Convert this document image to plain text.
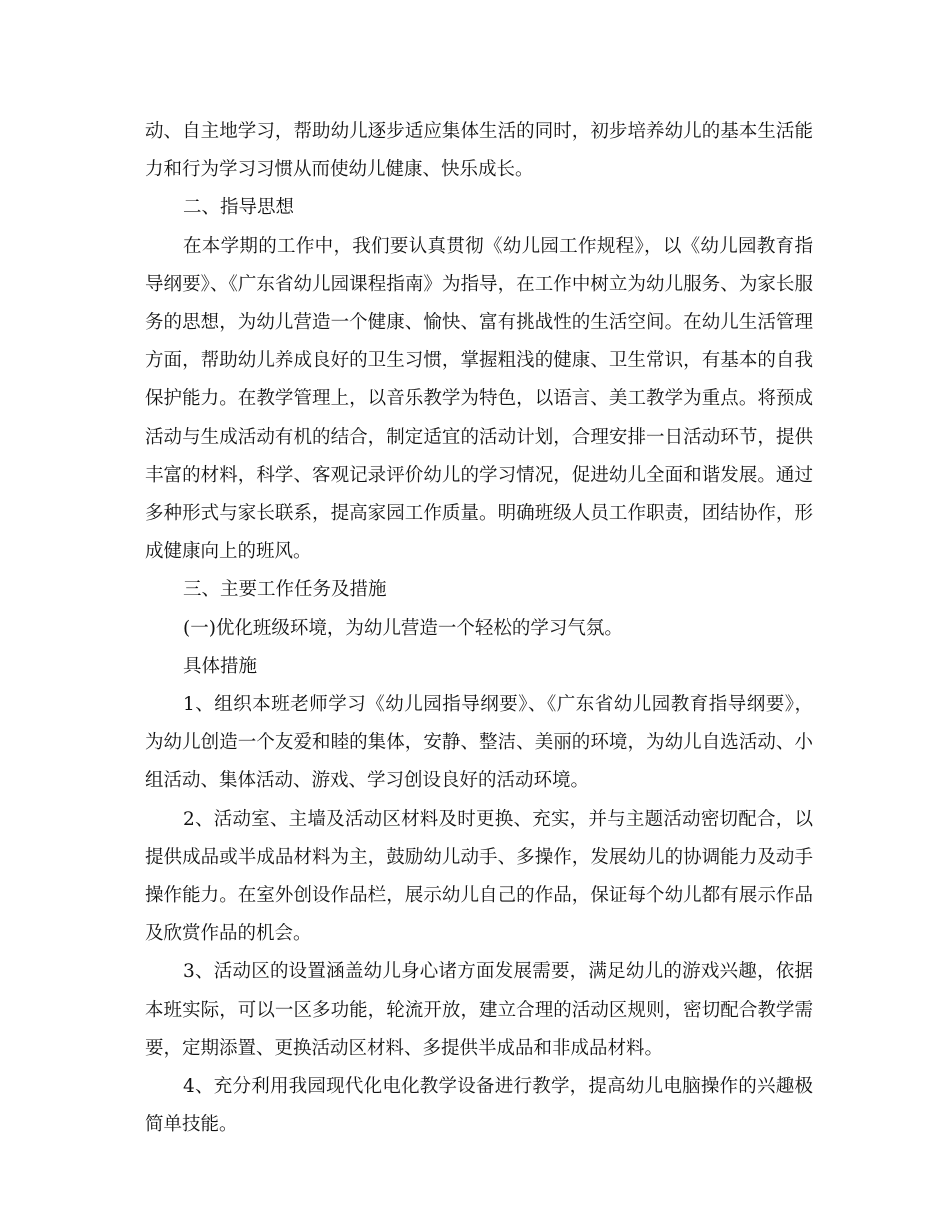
动、自主地学习，帮助幼儿逐步适应集体生活的同时，初步培养幼儿的基本生活能力和行为学习习惯从而使幼儿健康、快乐成长。

二、指导思想

在本学期的工作中，我们要认真贯彻《幼儿园工作规程》，以《幼儿园教育指导纲要》、《广东省幼儿园课程指南》为指导，在工作中树立为幼儿服务、为家长服务的思想，为幼儿营造一个健康、愉快、富有挑战性的生活空间。在幼儿生活管理方面，帮助幼儿养成良好的卫生习惯，掌握粗浅的健康、卫生常识，有基本的自我保护能力。在教学管理上，以音乐教学为特色，以语言、美工教学为重点。将预成活动与生成活动有机的结合，制定适宜的活动计划，合理安排一日活动环节，提供丰富的材料，科学、客观记录评价幼儿的学习情况，促进幼儿全面和谐发展。通过多种形式与家长联系，提高家园工作质量。明确班级人员工作职责，团结协作，形成健康向上的班风。

三、主要工作任务及措施

(一)优化班级环境，为幼儿营造一个轻松的学习气氛。

具体措施

1、组织本班老师学习《幼儿园指导纲要》、《广东省幼儿园教育指导纲要》，为幼儿创造一个友爱和睦的集体，安静、整洁、美丽的环境，为幼儿自选活动、小组活动、集体活动、游戏、学习创设良好的活动环境。

2、活动室、主墙及活动区材料及时更换、充实，并与主题活动密切配合，以提供成品或半成品材料为主，鼓励幼儿动手、多操作，发展幼儿的协调能力及动手操作能力。在室外创设作品栏，展示幼儿自己的作品，保证每个幼儿都有展示作品及欣赏作品的机会。

3、活动区的设置涵盖幼儿身心诸方面发展需要，满足幼儿的游戏兴趣，依据本班实际，可以一区多功能，轮流开放，建立合理的活动区规则，密切配合教学需要，定期添置、更换活动区材料、多提供半成品和非成品材料。

4、充分利用我园现代化电化教学设备进行教学，提高幼儿电脑操作的兴趣极简单技能。
